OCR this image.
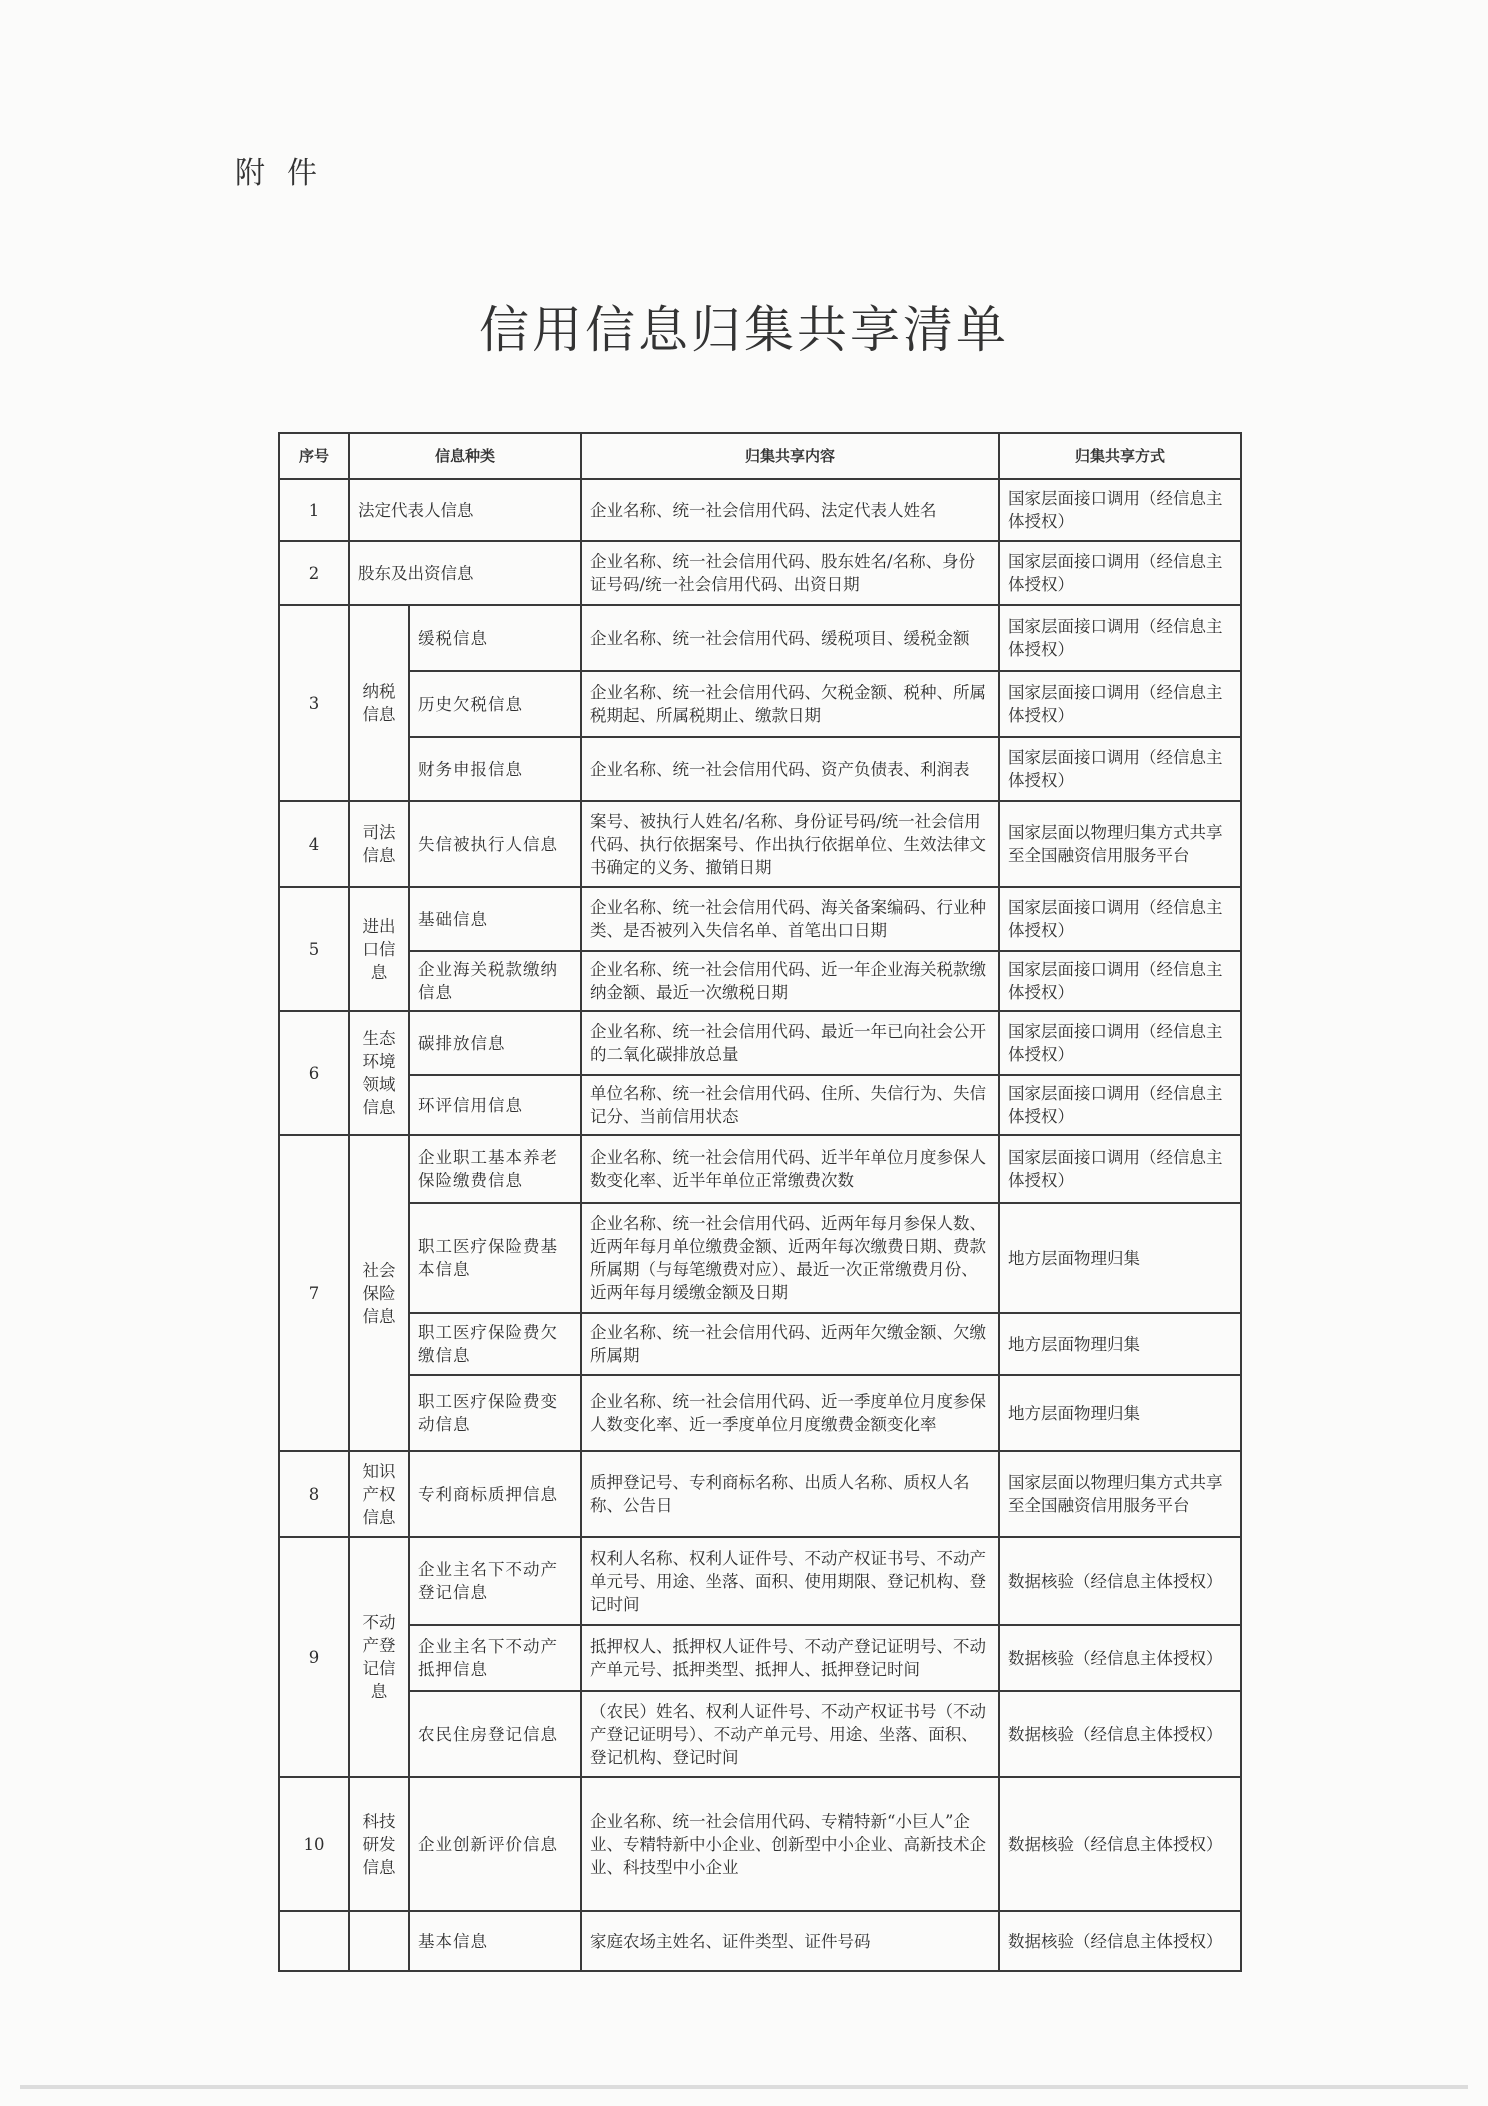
附件
信用信息归集共享清单
序号	信息种类		归集共享内容	归集共享方式
1	法定代表人信息		企业名称、统一社会信用代码、法定代表人姓名	国家层面接口调用（经信息主体授权）
2	股东及出资信息		企业名称、统一社会信用代码、股东姓名/名称、身份证号码/统一社会信用代码、出资日期	国家层面接口调用（经信息主体授权）
3	纳税信息	缓税信息	企业名称、统一社会信用代码、缓税项目、缓税金额	国家层面接口调用（经信息主体授权）
		历史欠税信息	企业名称、统一社会信用代码、欠税金额、税种、所属税期起、所属税期止、缴款日期	国家层面接口调用（经信息主体授权）
		财务申报信息	企业名称、统一社会信用代码、资产负债表、利润表	国家层面接口调用（经信息主体授权）
4	司法信息	失信被执行人信息	案号、被执行人姓名/名称、身份证号码/统一社会信用代码、执行依据案号、作出执行依据单位、生效法律文书确定的义务、撤销日期	国家层面以物理归集方式共享至全国融资信用服务平台
5	进出口信息	基础信息	企业名称、统一社会信用代码、海关备案编码、行业种类、是否被列入失信名单、首笔出口日期	国家层面接口调用（经信息主体授权）
		企业海关税款缴纳信息	企业名称、统一社会信用代码、近一年企业海关税款缴纳金额、最近一次缴税日期	国家层面接口调用（经信息主体授权）
6	生态环境领域信息	碳排放信息	企业名称、统一社会信用代码、最近一年已向社会公开的二氧化碳排放总量	国家层面接口调用（经信息主体授权）
		环评信用信息	单位名称、统一社会信用代码、住所、失信行为、失信记分、当前信用状态	国家层面接口调用（经信息主体授权）
7	社会保险信息	企业职工基本养老保险缴费信息	企业名称、统一社会信用代码、近半年单位月度参保人数变化率、近半年单位正常缴费次数	国家层面接口调用（经信息主体授权）
		职工医疗保险费基本信息	企业名称、统一社会信用代码、近两年每月参保人数、近两年每月单位缴费金额、近两年每次缴费日期、费款所属期（与每笔缴费对应）、最近一次正常缴费月份、近两年每月缓缴金额及日期	地方层面物理归集
		职工医疗保险费欠缴信息	企业名称、统一社会信用代码、近两年欠缴金额、欠缴所属期	地方层面物理归集
		职工医疗保险费变动信息	企业名称、统一社会信用代码、近一季度单位月度参保人数变化率、近一季度单位月度缴费金额变化率	地方层面物理归集
8	知识产权信息	专利商标质押信息	质押登记号、专利商标名称、出质人名称、质权人名称、公告日	国家层面以物理归集方式共享至全国融资信用服务平台
9	不动产登记信息	企业主名下不动产登记信息	权利人名称、权利人证件号、不动产权证书号、不动产单元号、用途、坐落、面积、使用期限、登记机构、登记时间	数据核验（经信息主体授权）
		企业主名下不动产抵押信息	抵押权人、抵押权人证件号、不动产登记证明号、不动产单元号、抵押类型、抵押人、抵押登记时间	数据核验（经信息主体授权）
		农民住房登记信息	（农民）姓名、权利人证件号、不动产权证书号（不动产登记证明号）、不动产单元号、用途、坐落、面积、登记机构、登记时间	数据核验（经信息主体授权）
10	科技研发信息	企业创新评价信息	企业名称、统一社会信用代码、专精特新“小巨人”企业、专精特新中小企业、创新型中小企业、高新技术企业、科技型中小企业	数据核验（经信息主体授权）
		基本信息	家庭农场主姓名、证件类型、证件号码	数据核验（经信息主体授权）
